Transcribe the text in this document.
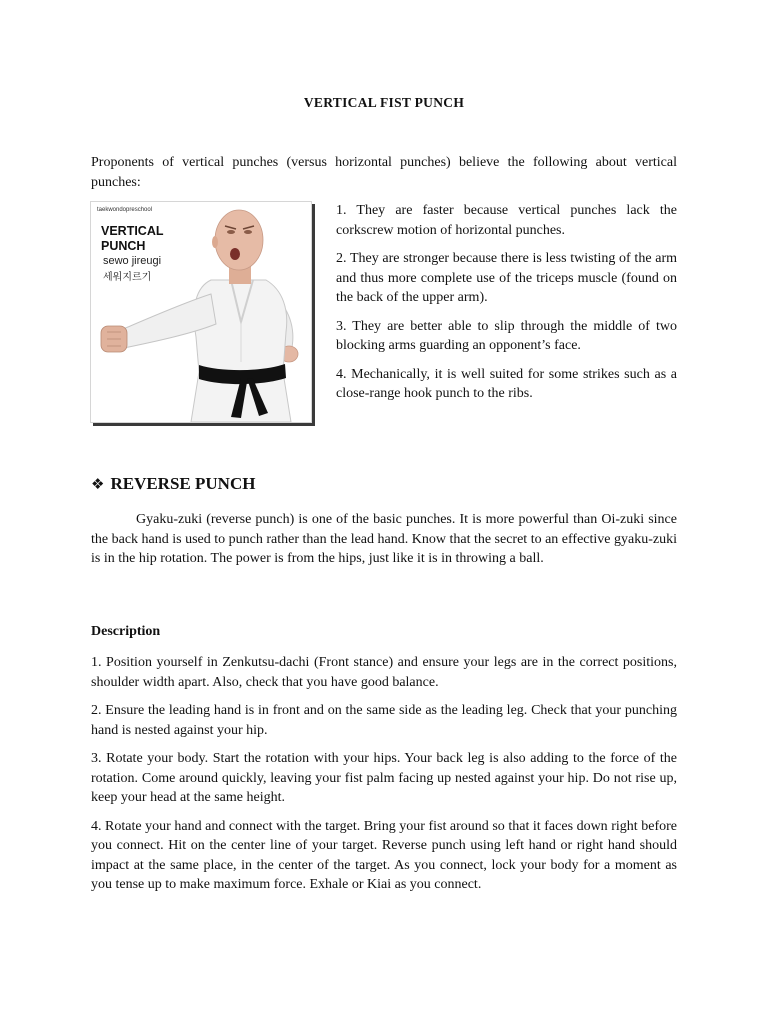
VERTICAL FIST PUNCH
Proponents of vertical punches (versus horizontal punches) believe the following about vertical punches:
taekwondopreschool
VERTICAL
PUNCH
sewo jireugi
세워지르기

1. They are faster because vertical punches lack the corkscrew motion of horizontal punches.

2. They are stronger because there is less twisting of the arm and thus more complete use of the triceps muscle (found on the back of the upper arm).

3. They are better able to slip through the middle of two blocking arms guarding an opponent’s face.

4. Mechanically, it is well suited for some strikes such as a close-range hook punch to the ribs.

❖ REVERSE PUNCH
Gyaku-zuki (reverse punch) is one of the basic punches. It is more powerful than Oi-zuki since the back hand is used to punch rather than the lead hand. Know that the secret to an effective gyaku-zuki is in the hip rotation. The power is from the hips, just like it is in throwing a ball.
Description

1. Position yourself in Zenkutsu-dachi (Front stance) and ensure your legs are in the correct positions, shoulder width apart. Also, check that you have good balance.

2. Ensure the leading hand is in front and on the same side as the leading leg. Check that your punching hand is nested against your hip.

3. Rotate your body. Start the rotation with your hips. Your back leg is also adding to the force of the rotation. Come around quickly, leaving your fist palm facing up nested against your hip. Do not rise up, keep your head at the same height.

4. Rotate your hand and connect with the target. Bring your fist around so that it faces down right before you connect. Hit on the center line of your target. Reverse punch using left hand or right hand should impact at the same place, in the center of the target. As you connect, lock your body for a moment as you tense up to make maximum force. Exhale or Kiai as you connect.
